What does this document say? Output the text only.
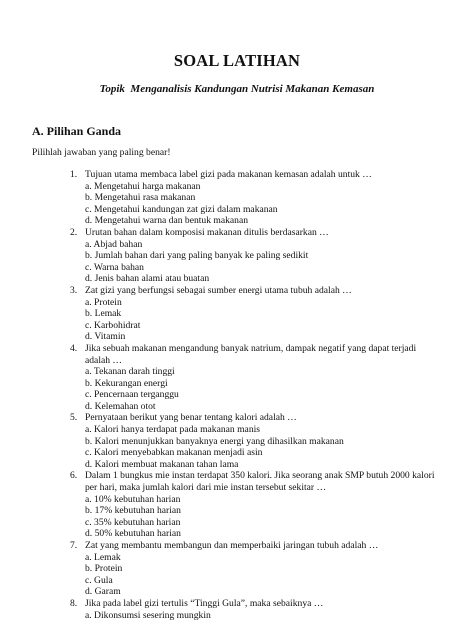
SOAL LATIHAN
Topik  Menganalisis Kandungan Nutrisi Makanan Kemasan
A. Pilihan Ganda
Pilihlah jawaban yang paling benar!
1. Tujuan utama membaca label gizi pada makanan kemasan adalah untuk …
a. Mengetahui harga makanan
b. Mengetahui rasa makanan
c. Mengetahui kandungan zat gizi dalam makanan
d. Mengetahui warna dan bentuk makanan
2. Urutan bahan dalam komposisi makanan ditulis berdasarkan …
a. Abjad bahan
b. Jumlah bahan dari yang paling banyak ke paling sedikit
c. Warna bahan
d. Jenis bahan alami atau buatan
3. Zat gizi yang berfungsi sebagai sumber energi utama tubuh adalah …
a. Protein
b. Lemak
c. Karbohidrat
d. Vitamin
4. Jika sebuah makanan mengandung banyak natrium, dampak negatif yang dapat terjadi adalah …
a. Tekanan darah tinggi
b. Kekurangan energi
c. Pencernaan terganggu
d. Kelemahan otot
5. Pernyataan berikut yang benar tentang kalori adalah …
a. Kalori hanya terdapat pada makanan manis
b. Kalori menunjukkan banyaknya energi yang dihasilkan makanan
c. Kalori menyebabkan makanan menjadi asin
d. Kalori membuat makanan tahan lama
6. Dalam 1 bungkus mie instan terdapat 350 kalori. Jika seorang anak SMP butuh 2000 kalori per hari, maka jumlah kalori dari mie instan tersebut sekitar …
a. 10% kebutuhan harian
b. 17% kebutuhan harian
c. 35% kebutuhan harian
d. 50% kebutuhan harian
7. Zat yang membantu membangun dan memperbaiki jaringan tubuh adalah …
a. Lemak
b. Protein
c. Gula
d. Garam
8. Jika pada label gizi tertulis “Tinggi Gula”, maka sebaiknya …
a. Dikonsumsi sesering mungkin
